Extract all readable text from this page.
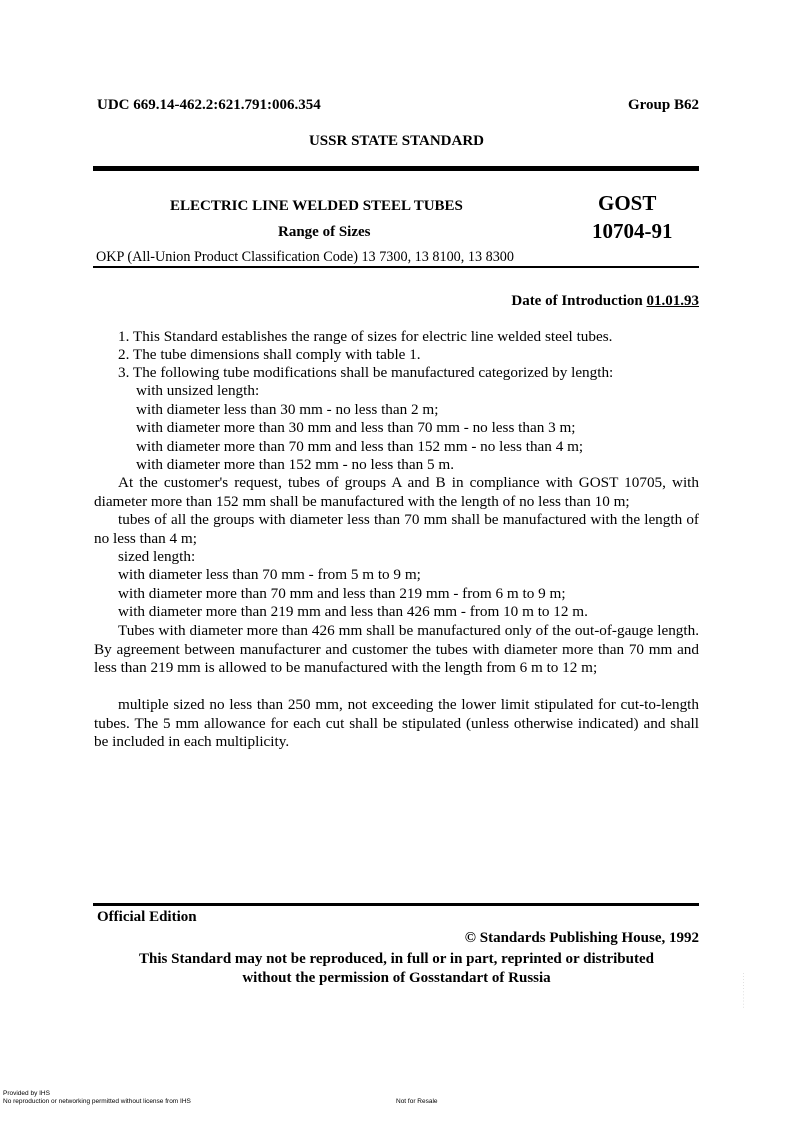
UDC 669.14-462.2:621.791:006.354	Group B62
USSR STATE STANDARD
ELECTRIC LINE WELDED STEEL TUBES
Range of Sizes
GOST
10704-91
OKP (All-Union Product Classification Code) 13 7300, 13 8100, 13 8300
Date of Introduction 01.01.93
1. This Standard establishes the range of sizes for electric line welded steel tubes.
2. The tube dimensions shall comply with table 1.
3. The following tube modifications shall be manufactured categorized by length:
with unsized length:
with diameter less than 30 mm - no less than 2 m;
with diameter more than 30 mm and less than 70 mm - no less than 3 m;
with diameter more than 70 mm and less than 152 mm - no less than 4 m;
with diameter more than 152 mm - no less than 5 m.
At the customer's request, tubes of groups A and B in compliance with GOST 10705, with diameter more than 152 mm shall be manufactured with the length of no less than 10 m;
tubes of all the groups with diameter less than 70 mm shall be manufactured with the length of no less than 4 m;
sized length:
with diameter less than 70 mm - from 5 m to 9 m;
with diameter more than 70 mm and less than 219 mm - from 6 m to 9 m;
with diameter more than 219 mm and less than 426 mm - from 10 m to 12 m.
Tubes with diameter more than 426 mm shall be manufactured only of the out-of-gauge length. By agreement between manufacturer and customer the tubes with diameter more than 70 mm and less than 219 mm is allowed to be manufactured with the length from 6 m to 12 m;
multiple sized no less than 250 mm, not exceeding the lower limit stipulated for cut-to-length tubes. The 5 mm allowance for each cut shall be stipulated (unless otherwise indicated) and shall be included in each multiplicity.
Official Edition
© Standards Publishing House, 1992
This Standard may not be reproduced, in full or in part, reprinted or distributed
without the permission of Gosstandart of Russia	· · · · · · · · · · · ·
Provided by IHS
No reproduction or networking permitted without license from IHS	Not for Resale
